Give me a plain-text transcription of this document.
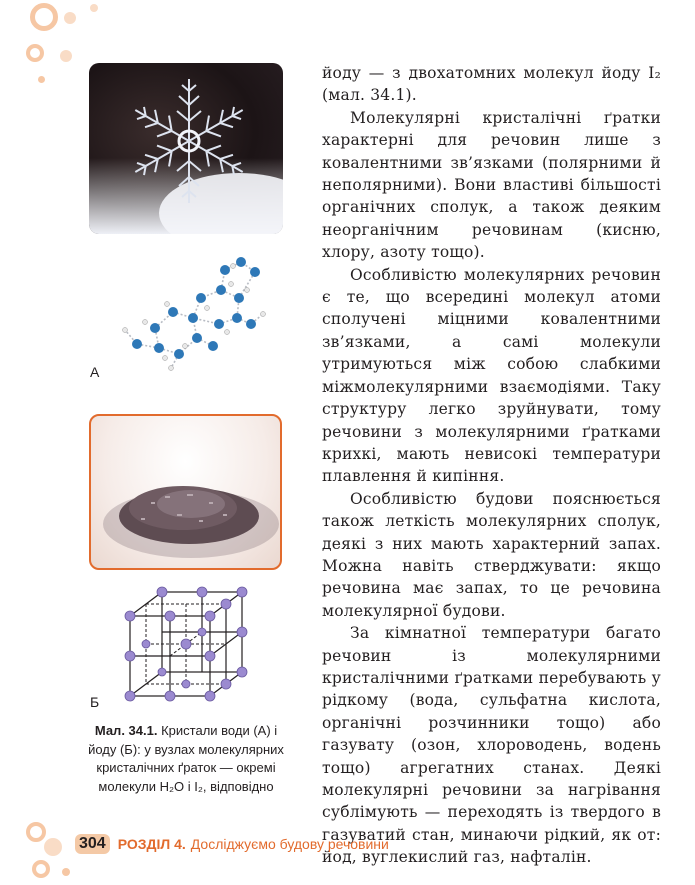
А
Б
Мал. 34.1. Кристали води (А) і йоду (Б): у вузлах молекулярних кристалічних ґраток — окремі молекули H₂O і I₂, відповідно

йоду — з двохатомних молекул йоду I₂ (мал. 34.1).

Молекулярні кристалічні ґратки характерні для речовин лише з ковалентними зв’язками (полярними й неполярними). Вони властиві більшості органічних сполук, а також деяким неорганічним речовинам (кисню, хлору, азоту тощо).

Особливістю молекулярних речовин є те, що всередині молекул атоми сполучені міцними ковалентними зв’язками, а самі молекули утримуються між собою слабкими міжмолекулярними взаємодіями. Таку структуру легко зруйнувати, тому речовини з молекулярними ґратками крихкі, мають невисокі температури плавлення й кипіння.

Особливістю будови пояснюється також леткість молекулярних сполук, деякі з них мають характерний запах. Можна навіть стверджувати: якщо речовина має запах, то це речовина молекулярної будови.

За кімнатної температури багато речовин із молекулярними кристалічними ґратками перебувають у рідкому (вода, сульфатна кислота, органічні розчинники тощо) або газувату (озон, хлороводень, водень тощо) агрегатних станах. Деякі молекулярні речовини за нагрівання сублімують — переходять із твердого в газуватий стан, минаючи рідкий, як от: йод, вуглекислий газ, нафталін.

304 РОЗДІЛ 4. Досліджуємо будову речовини
